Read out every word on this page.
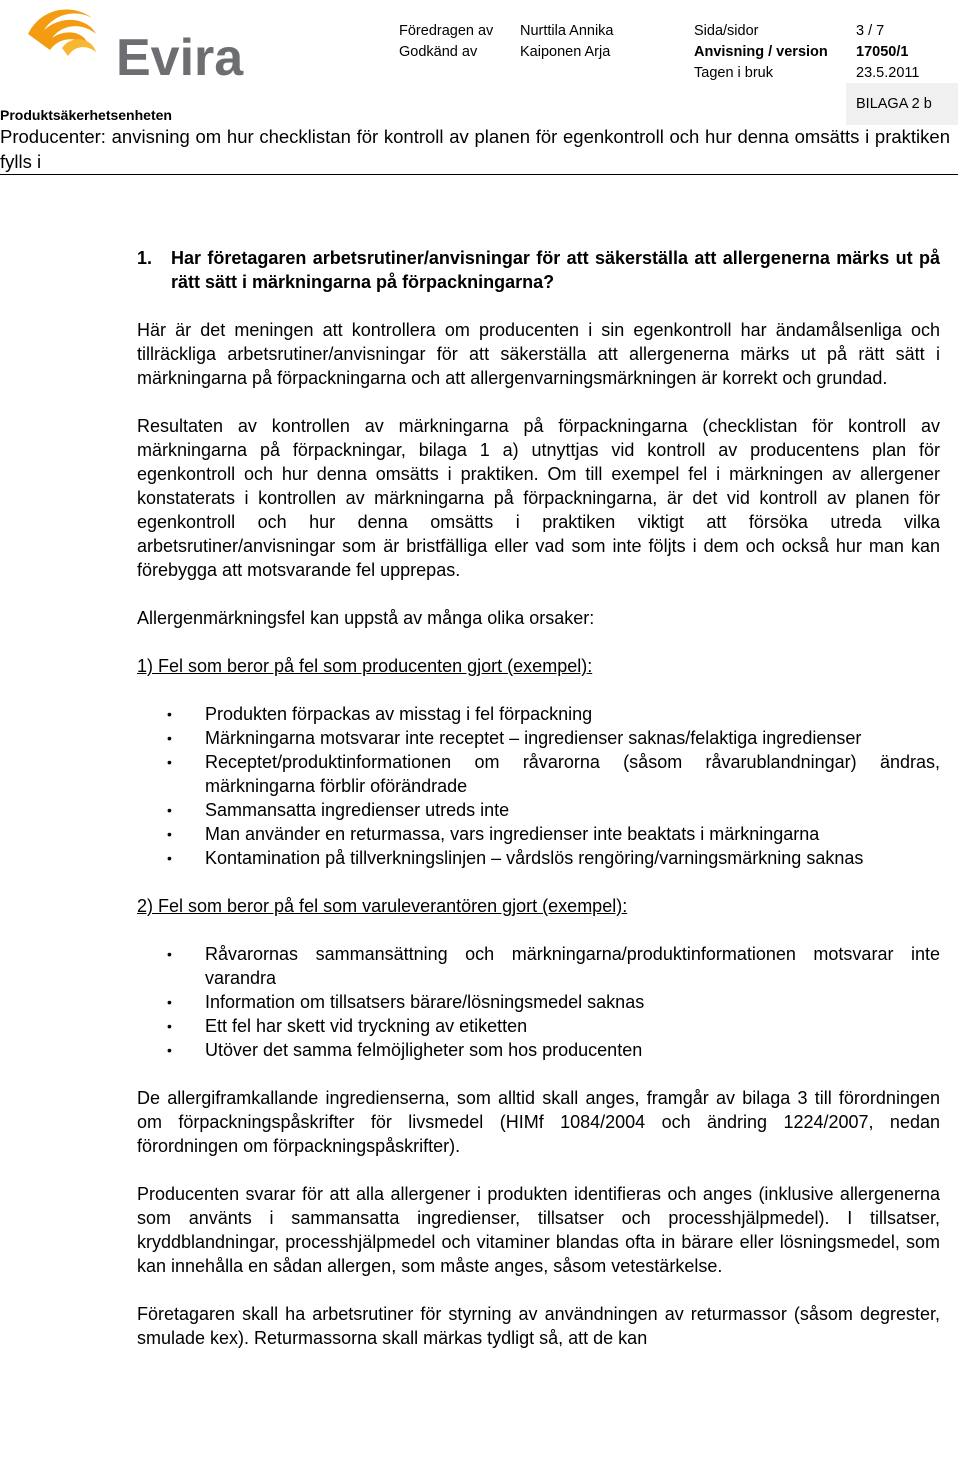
Evira	Föredragen av Nurttila Annika	Sida/sidor	3 / 7
Godkänd av	Kaiponen Arja	Anvisning / version 17050/1
Tagen i bruk	23.5.2011
BILAGA 2 b
Produktsäkerhetsenheten
Producenter: anvisning om hur checklistan för kontroll av planen för egenkontroll och hur denna omsätts i praktiken fylls i
1.	Har företagaren arbetsrutiner/anvisningar för att säkerställa att allergenerna märks ut på rätt sätt i märkningarna på förpackningarna?

Här är det meningen att kontrollera om producenten i sin egenkontroll har ändamålsenliga och tillräckliga arbetsrutiner/anvisningar för att säkerställa att allergenerna märks ut på rätt sätt i märkningarna på förpackningarna och att allergenvarningsmärkningen är korrekt och grundad.

Resultaten av kontrollen av märkningarna på förpackningarna (checklistan för kontroll av märkningarna på förpackningar, bilaga 1 a) utnyttjas vid kontroll av producentens plan för egenkontroll och hur denna omsätts i praktiken. Om till exempel fel i märkningen av allergener konstaterats i kontrollen av märkningarna på förpackningarna, är det vid kontroll av planen för egenkontroll och hur denna omsätts i praktiken viktigt att försöka utreda vilka arbetsrutiner/anvisningar som är bristfälliga eller vad som inte följts i dem och också hur man kan förebygga att motsvarande fel upprepas.

Allergenmärkningsfel kan uppstå av många olika orsaker:

1) Fel som beror på fel som producenten gjort (exempel):

• Produkten förpackas av misstag i fel förpackning
• Märkningarna motsvarar inte receptet – ingredienser saknas/felaktiga ingredienser
• Receptet/produktinformationen om råvarorna (såsom råvarublandningar) ändras, märkningarna förblir oförändrade
• Sammansatta ingredienser utreds inte
• Man använder en returmassa, vars ingredienser inte beaktats i märkningarna
• Kontamination på tillverkningslinjen – vårdslös rengöring/varningsmärkning saknas

2) Fel som beror på fel som varuleverantören gjort (exempel):

• Råvarornas sammansättning och märkningarna/produktinformationen motsvarar inte varandra
• Information om tillsatsers bärare/lösningsmedel saknas
• Ett fel har skett vid tryckning av etiketten
• Utöver det samma felmöjligheter som hos producenten

De allergiframkallande ingredienserna, som alltid skall anges, framgår av bilaga 3 till förordningen om förpackningspåskrifter för livsmedel (HIMf 1084/2004 och ändring 1224/2007, nedan förordningen om förpackningspåskrifter).

Producenten svarar för att alla allergener i produkten identifieras och anges (inklusive allergenerna som använts i sammansatta ingredienser, tillsatser och processhjälpmedel). I tillsatser, kryddblandningar, processhjälpmedel och vitaminer blandas ofta in bärare eller lösningsmedel, som kan innehålla en sådan allergen, som måste anges, såsom vetestärkelse.

Företagaren skall ha arbetsrutiner för styrning av användningen av returmassor (såsom degrester, smulade kex). Returmassorna skall märkas tydligt så, att de kan
